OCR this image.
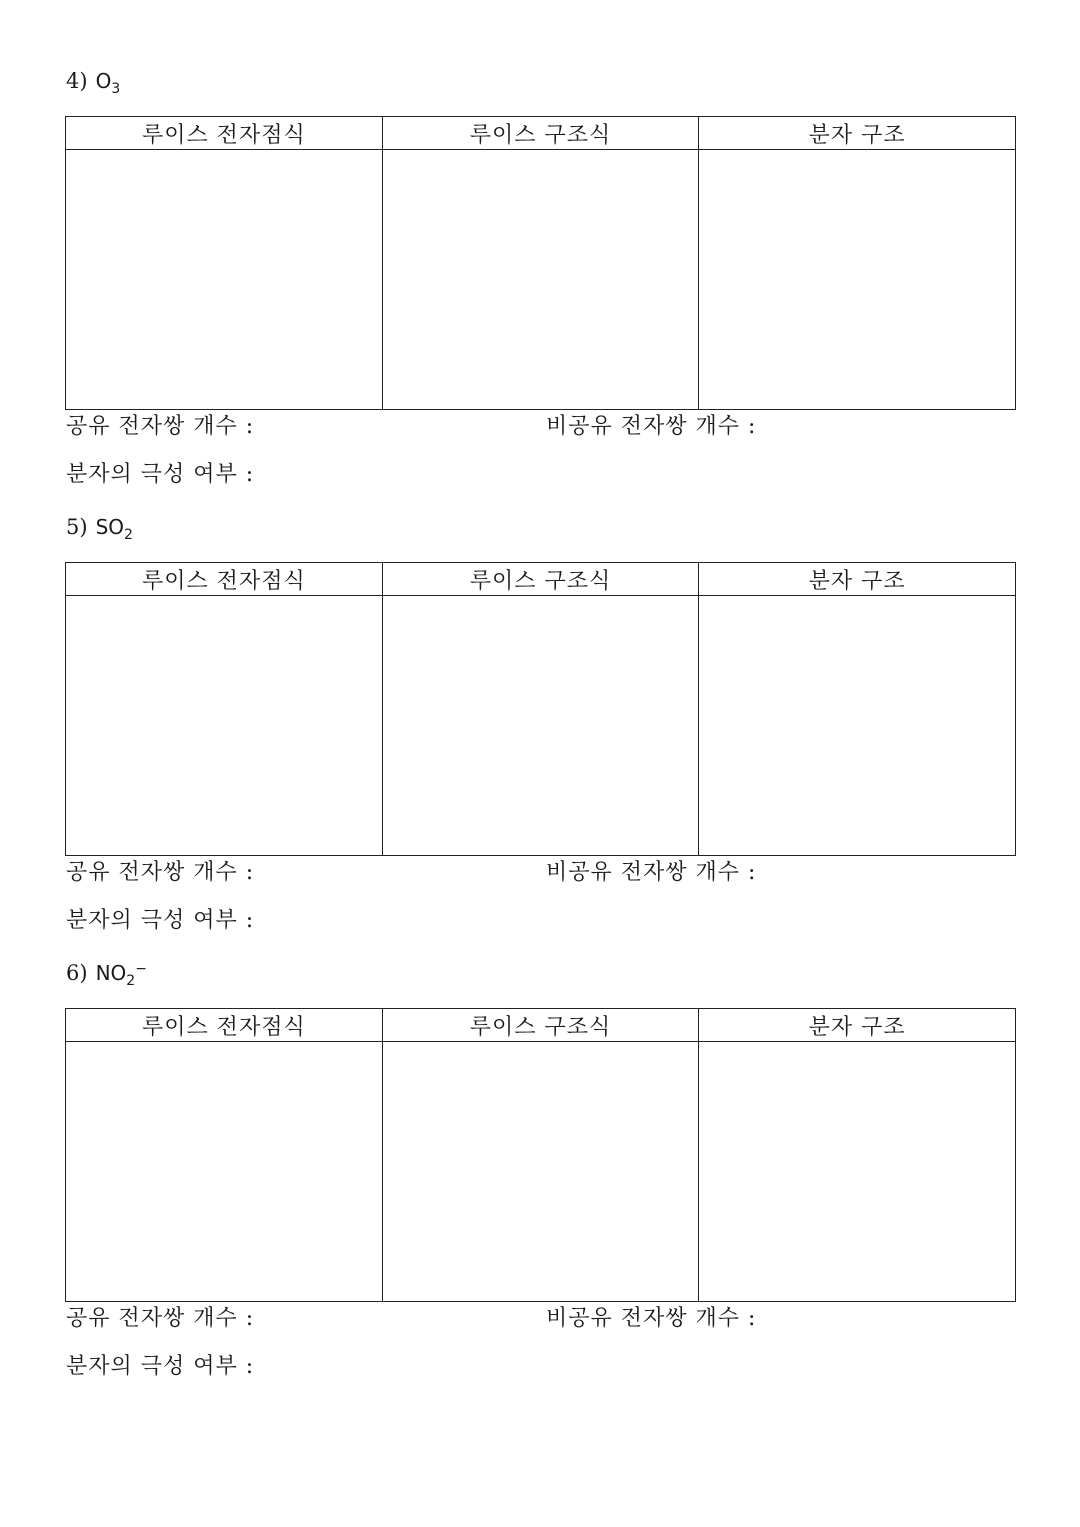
4) $O_3$
루이스 전자점식	루이스 구조식	분자 구조

공유 전자쌍 개수 :	비공유 전자쌍 개수 :
분자의 극성 여부 :
5) $SO_2$
루이스 전자점식	루이스 구조식	분자 구조

공유 전자쌍 개수 :	비공유 전자쌍 개수 :
분자의 극성 여부 :
6) $NO_2^-$
루이스 전자점식	루이스 구조식	분자 구조

공유 전자쌍 개수 :	비공유 전자쌍 개수 :
분자의 극성 여부 :
